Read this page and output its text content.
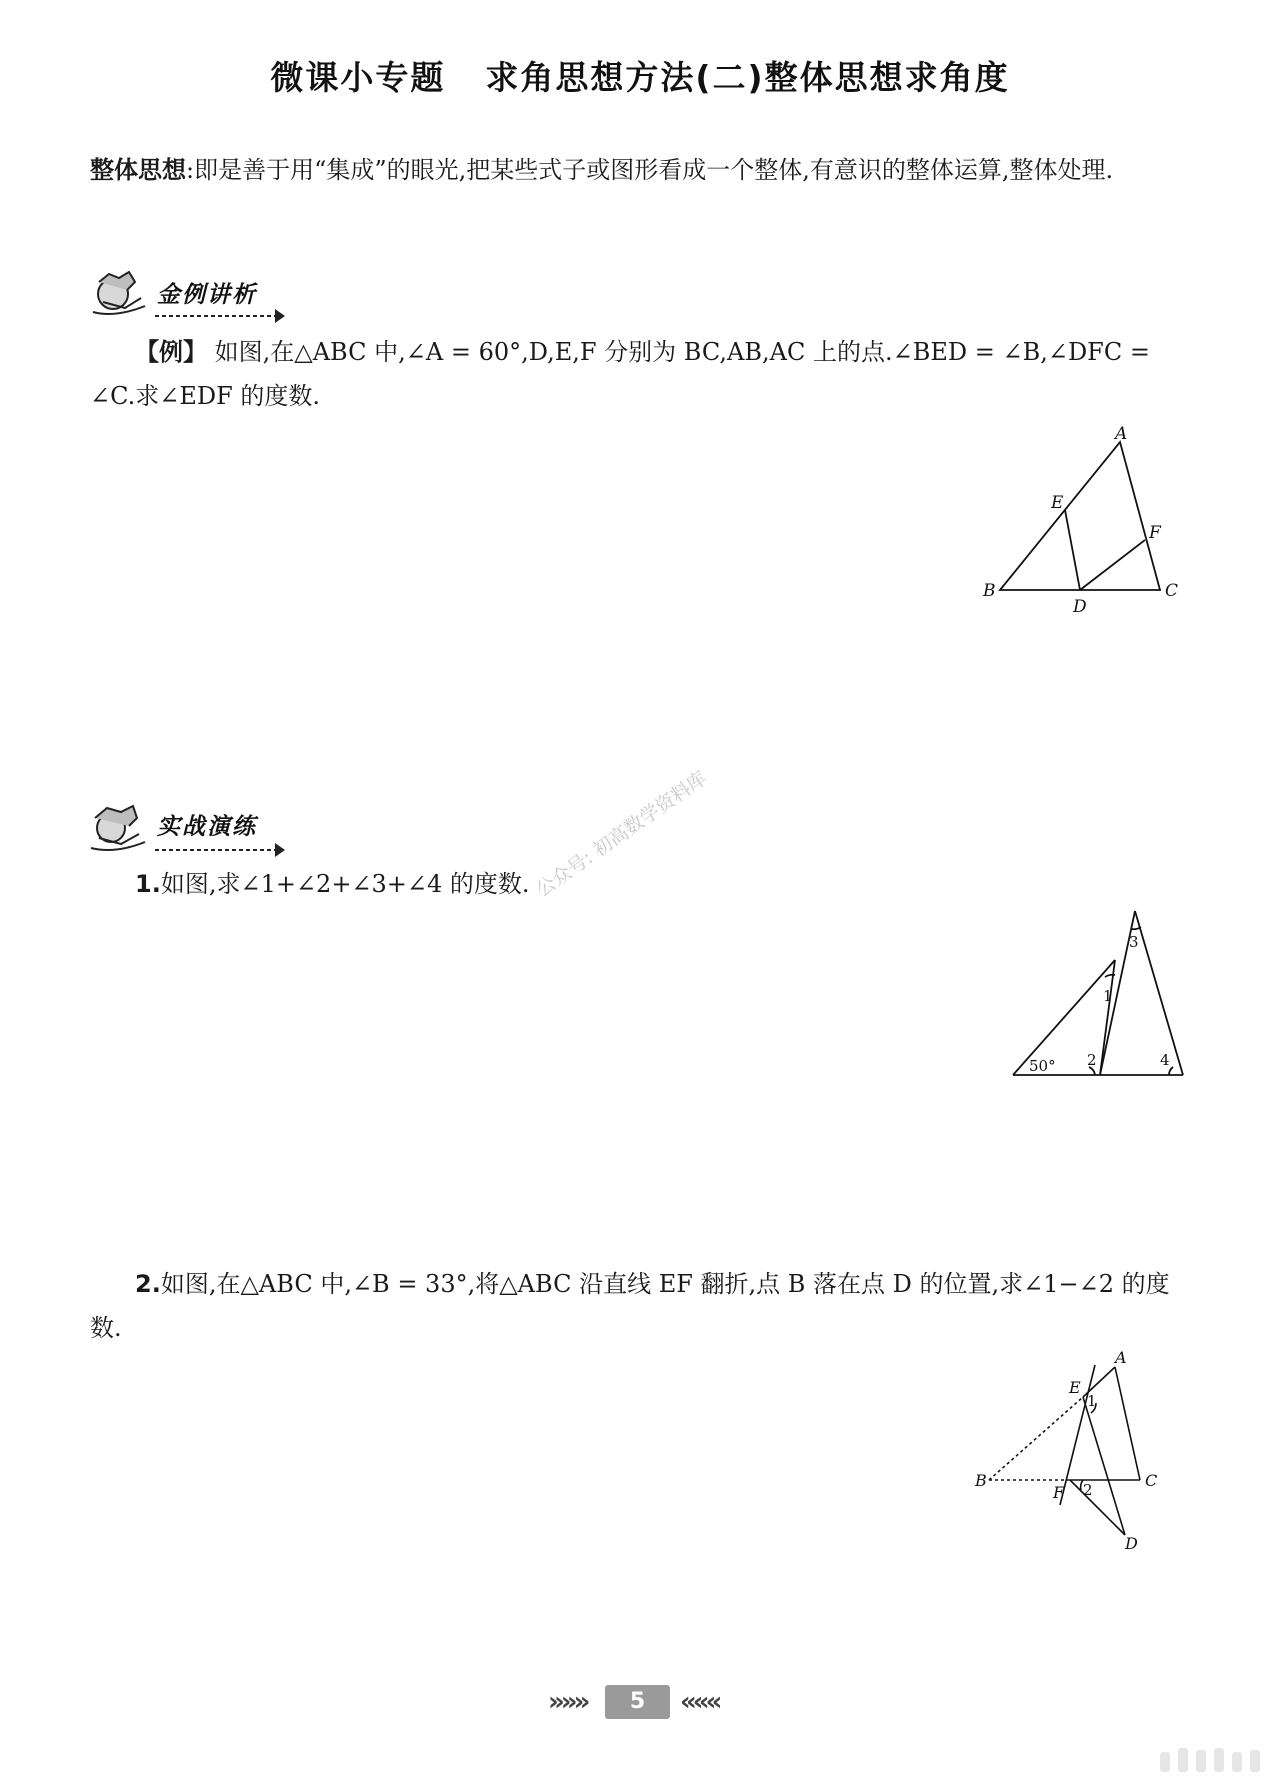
微课小专题 求角思想方法(二)整体思想求角度
整体思想:即是善于用“集成”的眼光,把某些式子或图形看成一个整体,有意识的整体运算,整体处理.
金例讲析
【例】 如图,在△ABC 中,∠A = 60°,D,E,F 分别为 BC,AB,AC 上的点.∠BED = ∠B,∠DFC = ∠C.求∠EDF 的度数.
A
B	C
D
E
F
实战演练	公众号: 初高数学资料库
1.如图,求∠1+∠2+∠3+∠4 的度数.
50°
1
2
3
4
2.如图,在△ABC 中,∠B = 33°,将△ABC 沿直线 EF 翻折,点 B 落在点 D 的位置,求∠1−∠2 的度数.
A
B	C
D
E
F
1
2
»»»	5	«««
